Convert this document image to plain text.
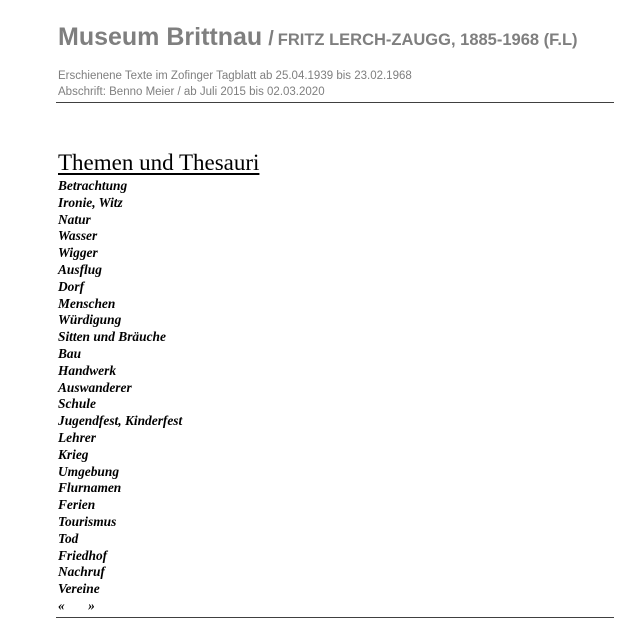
Museum Brittnau / FRITZ LERCH-ZAUGG, 1885-1968 (F.L)
Erschienene Texte im Zofinger Tagblatt ab 25.04.1939 bis 23.02.1968
Abschrift: Benno Meier / ab Juli 2015 bis 02.03.2020
Themen und Thesauri
Betrachtung
Ironie, Witz
Natur
Wasser
Wigger
Ausflug
Dorf
Menschen
Würdigung
Sitten und Bräuche
Bau
Handwerk
Auswanderer
Schule
Jugendfest, Kinderfest
Lehrer
Krieg
Umgebung
Flurnamen
Ferien
Tourismus
Tod
Friedhof
Nachruf
Vereine
«       »
